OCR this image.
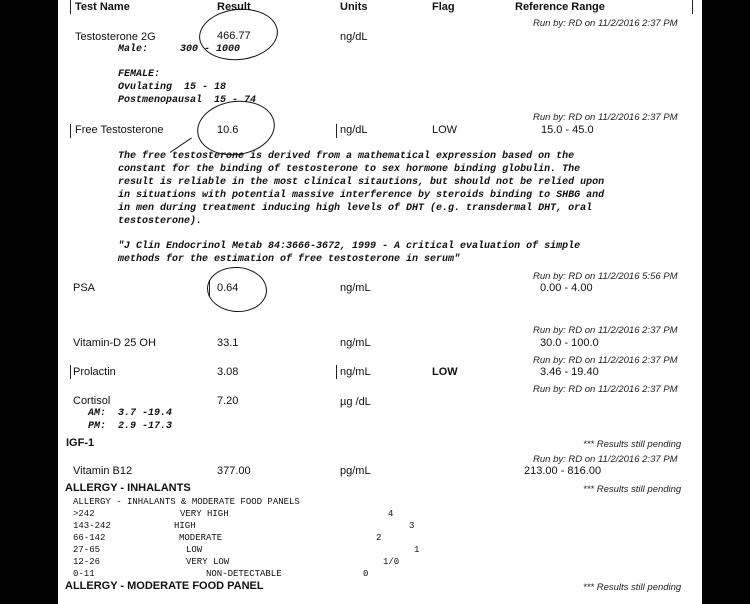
Test Name	Result	Units	Flag	Reference Range
Run by: RD on 11/2/2016 2:37 PM
Testosterone 2G	466.77	ng/dL
Male:	300 - 1000
FEMALE:
Ovulating  15 - 18
Postmenopausal  15 - 74
Run by: RD on 11/2/2016 2:37 PM
Free Testosterone	10.6	ng/dL	LOW	15.0 - 45.0
The free testosterone is derived from a mathematical expression based on the
constant for the binding of testosterone to sex hormone binding globulin. The
result is reliable in the most clinical sitautions, but should not be relied upon
in situations with potential massive interference by steroids binding to SHBG and
in men during treatment inducing high levels of DHT (e.g. transdermal DHT, oral
testosterone).
"J Clin Endocrinol Metab 84:3666-3672, 1999 - A critical evaluation of simple
methods for the estimation of free testosterone in serum"
Run by: RD on 11/2/2016 5:56 PM
PSA	0.64	ng/mL	0.00 - 4.00
Run by: RD on 11/2/2016 2:37 PM
Vitamin-D 25 OH	33.1	ng/mL	30.0 - 100.0
Run by: RD on 11/2/2016 2:37 PM
Prolactin	3.08	ng/mL	LOW	3.46 - 19.40
Run by: RD on 11/2/2016 2:37 PM
Cortisol	7.20	µg /dL
AM:  3.7 -19.4
PM:  2.9 -17.3
IGF-1	*** Results still pending
Run by: RD on 11/2/2016 2:37 PM
Vitamin B12	377.00	pg/mL	213.00 - 816.00
ALLERGY - INHALANTS	*** Results still pending
ALLERGY - INHALANTS & MODERATE FOOD PANELS
>242	VERY HIGH	4
143-242	HIGH	3
66-142	MODERATE	2
27-65	LOW	1
12-26	VERY LOW	1/0
0-11	NON-DETECTABLE	0
ALLERGY - MODERATE FOOD PANEL	*** Results still pending
